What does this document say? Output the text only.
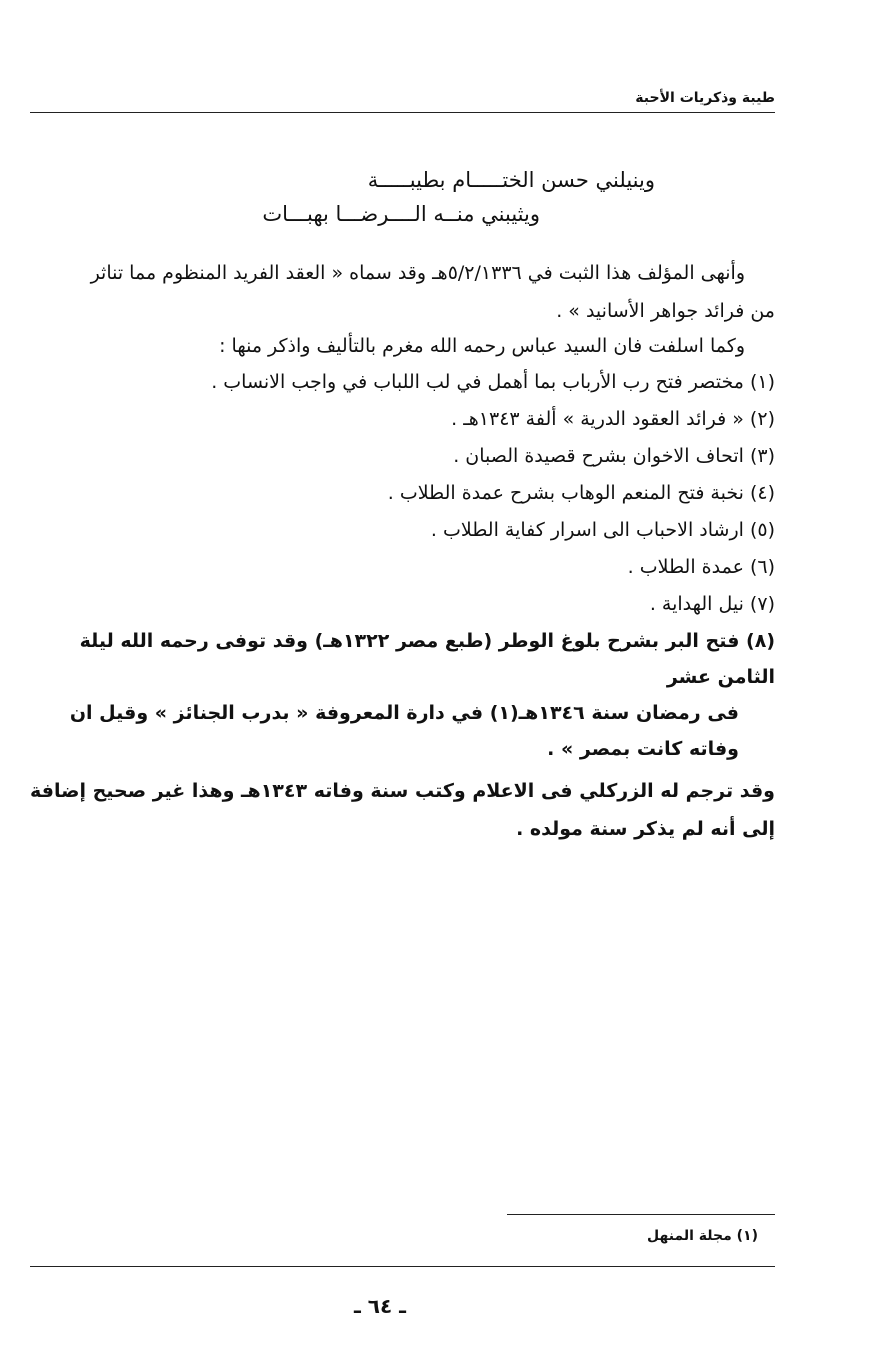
طيبة وذكريات الأحبة
وينيلني حسن الختـــــام بطيبـــــة
ويثيبني منــه الــــرضـــا بهبـــات
وأنهى المؤلف هذا الثبت في ٥/٢/١٣٣٦هـ وقد سماه « العقد الفريد المنظوم مما تناثر
من فرائد جواهر الأسانيد » .
وكما اسلفت فان السيد عباس رحمه الله مغرم بالتأليف واذكر منها :
(١) مختصر فتح رب الأرباب بما أهمل في لب اللباب في واجب الانساب .
(٢) « فرائد العقود الدرية » ألفة ١٣٤٣هـ .
(٣) اتحاف الاخوان بشرح قصيدة الصبان .
(٤) نخبة فتح المنعم الوهاب بشرح عمدة الطلاب .
(٥) ارشاد الاحباب الى اسرار كفاية الطلاب .
(٦) عمدة الطلاب .
(٧) نيل الهداية .
(٨) فتح البر بشرح بلوغ الوطر (طبع مصر ١٣٢٢هـ) وقد توفى رحمه الله ليلة الثامن عشر
فى رمضان سنة ١٣٤٦هـ(١) في دارة المعروفة « بدرب الجنائز » وقيل ان وفاته كانت بمصر » .
وقد ترجم له الزركلي فى الاعلام وكتب سنة وفاته ١٣٤٣هـ وهذا غير صحيح إضافة إلى أنه لم يذكر سنة مولده .
(١) مجلة المنهل
ـ ٦٤ ـ
